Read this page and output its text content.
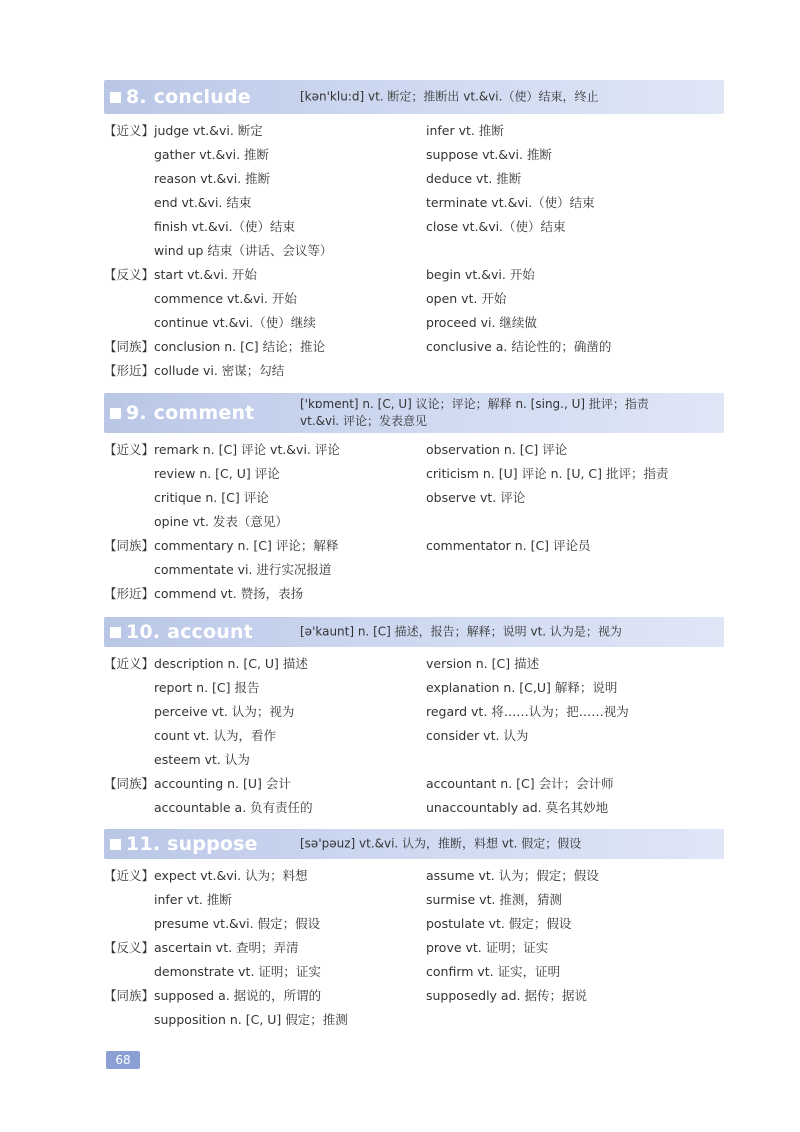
8. conclude	[kən'klu:d] vt. 断定；推断出 vt.&vi.（使）结束，终止
【近义】 judge vt.&vi. 断定	infer vt. 推断
gather vt.&vi. 推断	suppose vt.&vi. 推断
reason vt.&vi. 推断	deduce vt. 推断
end vt.&vi. 结束	terminate vt.&vi.（使）结束
finish vt.&vi.（使）结束	close vt.&vi.（使）结束
wind up 结束（讲话、会议等）
【反义】 start vt.&vi. 开始	begin vt.&vi. 开始
commence vt.&vi. 开始	open vt. 开始
continue vt.&vi.（使）继续	proceed vi. 继续做
【同族】 conclusion n. [C] 结论；推论	conclusive a. 结论性的；确凿的
【形近】 collude vi. 密谋；勾结
9. comment	['kɒment] n. [C, U] 议论；评论；解释 n. [sing., U] 批评；指责
vt.&vi. 评论；发表意见
【近义】 remark n. [C] 评论 vt.&vi. 评论	observation n. [C] 评论
review n. [C, U] 评论	criticism n. [U] 评论 n. [U, C] 批评；指责
critique n. [C] 评论	observe vt. 评论
opine vt. 发表（意见）
【同族】 commentary n. [C] 评论；解释	commentator n. [C] 评论员
commentate vi. 进行实况报道
【形近】 commend vt. 赞扬，表扬
10. account	[ə'kaunt] n. [C] 描述，报告；解释；说明 vt. 认为是；视为
【近义】 description n. [C, U] 描述	version n. [C] 描述
report n. [C] 报告	explanation n. [C,U] 解释；说明
perceive vt. 认为；视为	regard vt. 将……认为；把……视为
count vt. 认为，看作	consider vt. 认为
esteem vt. 认为
【同族】 accounting n. [U] 会计	accountant n. [C] 会计；会计师
accountable a. 负有责任的	unaccountably ad. 莫名其妙地
11. suppose	[sə'pəuz] vt.&vi. 认为，推断，料想 vt. 假定；假设
【近义】 expect vt.&vi. 认为；料想	assume vt. 认为；假定；假设
infer vt. 推断	surmise vt. 推测，猜测
presume vt.&vi. 假定；假设	postulate vt. 假定；假设
【反义】 ascertain vt. 查明；弄清	prove vt. 证明；证实
demonstrate vt. 证明；证实	confirm vt. 证实，证明
【同族】 supposed a. 据说的，所谓的	supposedly ad. 据传；据说
supposition n. [C, U] 假定；推测
68
